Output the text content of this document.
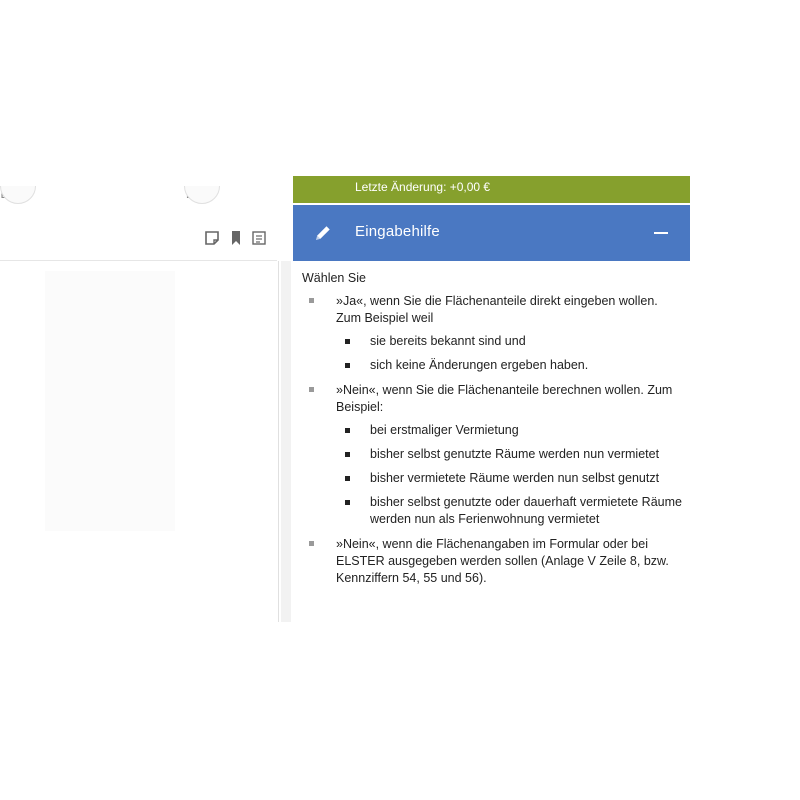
Letzte Änderung: +0,00 €
Eingabehilfe

Wählen Sie

»Ja«, wenn Sie die Flächenanteile direkt eingeben wollen. Zum Beispiel weil
sie bereits bekannt sind und
sich keine Änderungen ergeben haben.
»Nein«, wenn Sie die Flächenanteile berechnen wollen. Zum Beispiel:
bei erstmaliger Vermietung
bisher selbst genutzte Räume werden nun vermietet
bisher vermietete Räume werden nun selbst genutzt
bisher selbst genutzte oder dauerhaft vermietete Räume werden nun als Ferienwohnung vermietet
»Nein«, wenn die Flächenangaben im Formular oder bei ELSTER ausgegeben werden sollen (Anlage V Zeile 8, bzw. Kennziffern 54, 55 und 56).
